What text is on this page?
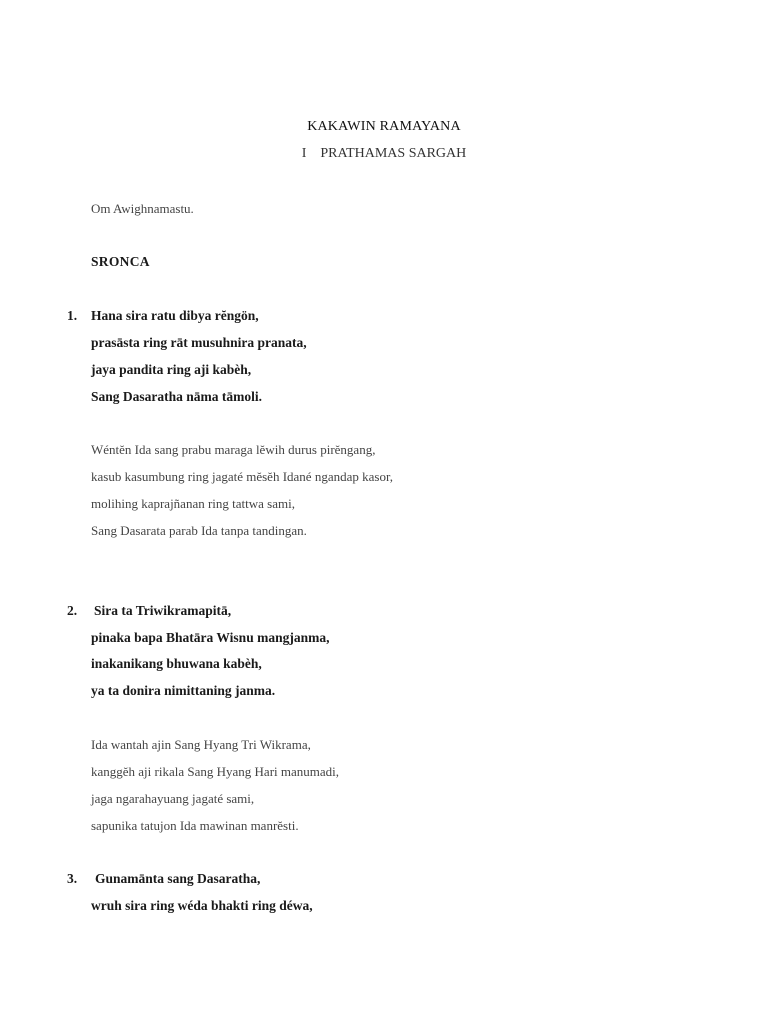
KAKAWIN RAMAYANA
I PRATHAMAS SARGAH
Om Awighnamastu.
SRONCA
1. Hana sira ratu dibya rĕngön,
prasāsta ring rāt musuhnira pranata,
jaya pandita ring aji kabèh,
Sang Dasaratha nāma tāmoli.
Wéntĕn Ida sang prabu maraga lĕwih durus pirĕngang,
kasub kasumbung ring jagaté mĕsĕh Idané ngandap kasor,
molihing kaprajñanan ring tattwa sami,
Sang Dasarata parab Ida tanpa tandingan.
2. Sira ta Triwikramapitā,
pinaka bapa Bhatāra Wisnu mangjanma,
inakanikang bhuwana kabèh,
ya ta donira nimittaning janma.
Ida wantah ajin Sang Hyang Tri Wikrama,
kanggĕh aji rikala Sang Hyang Hari manumadi,
jaga ngarahayuang jagaté sami,
sapunika tatujon Ida mawinan manrĕsti.
3. Gunamānta sang Dasaratha,
wruh sira ring wéda bhakti ring déwa,
